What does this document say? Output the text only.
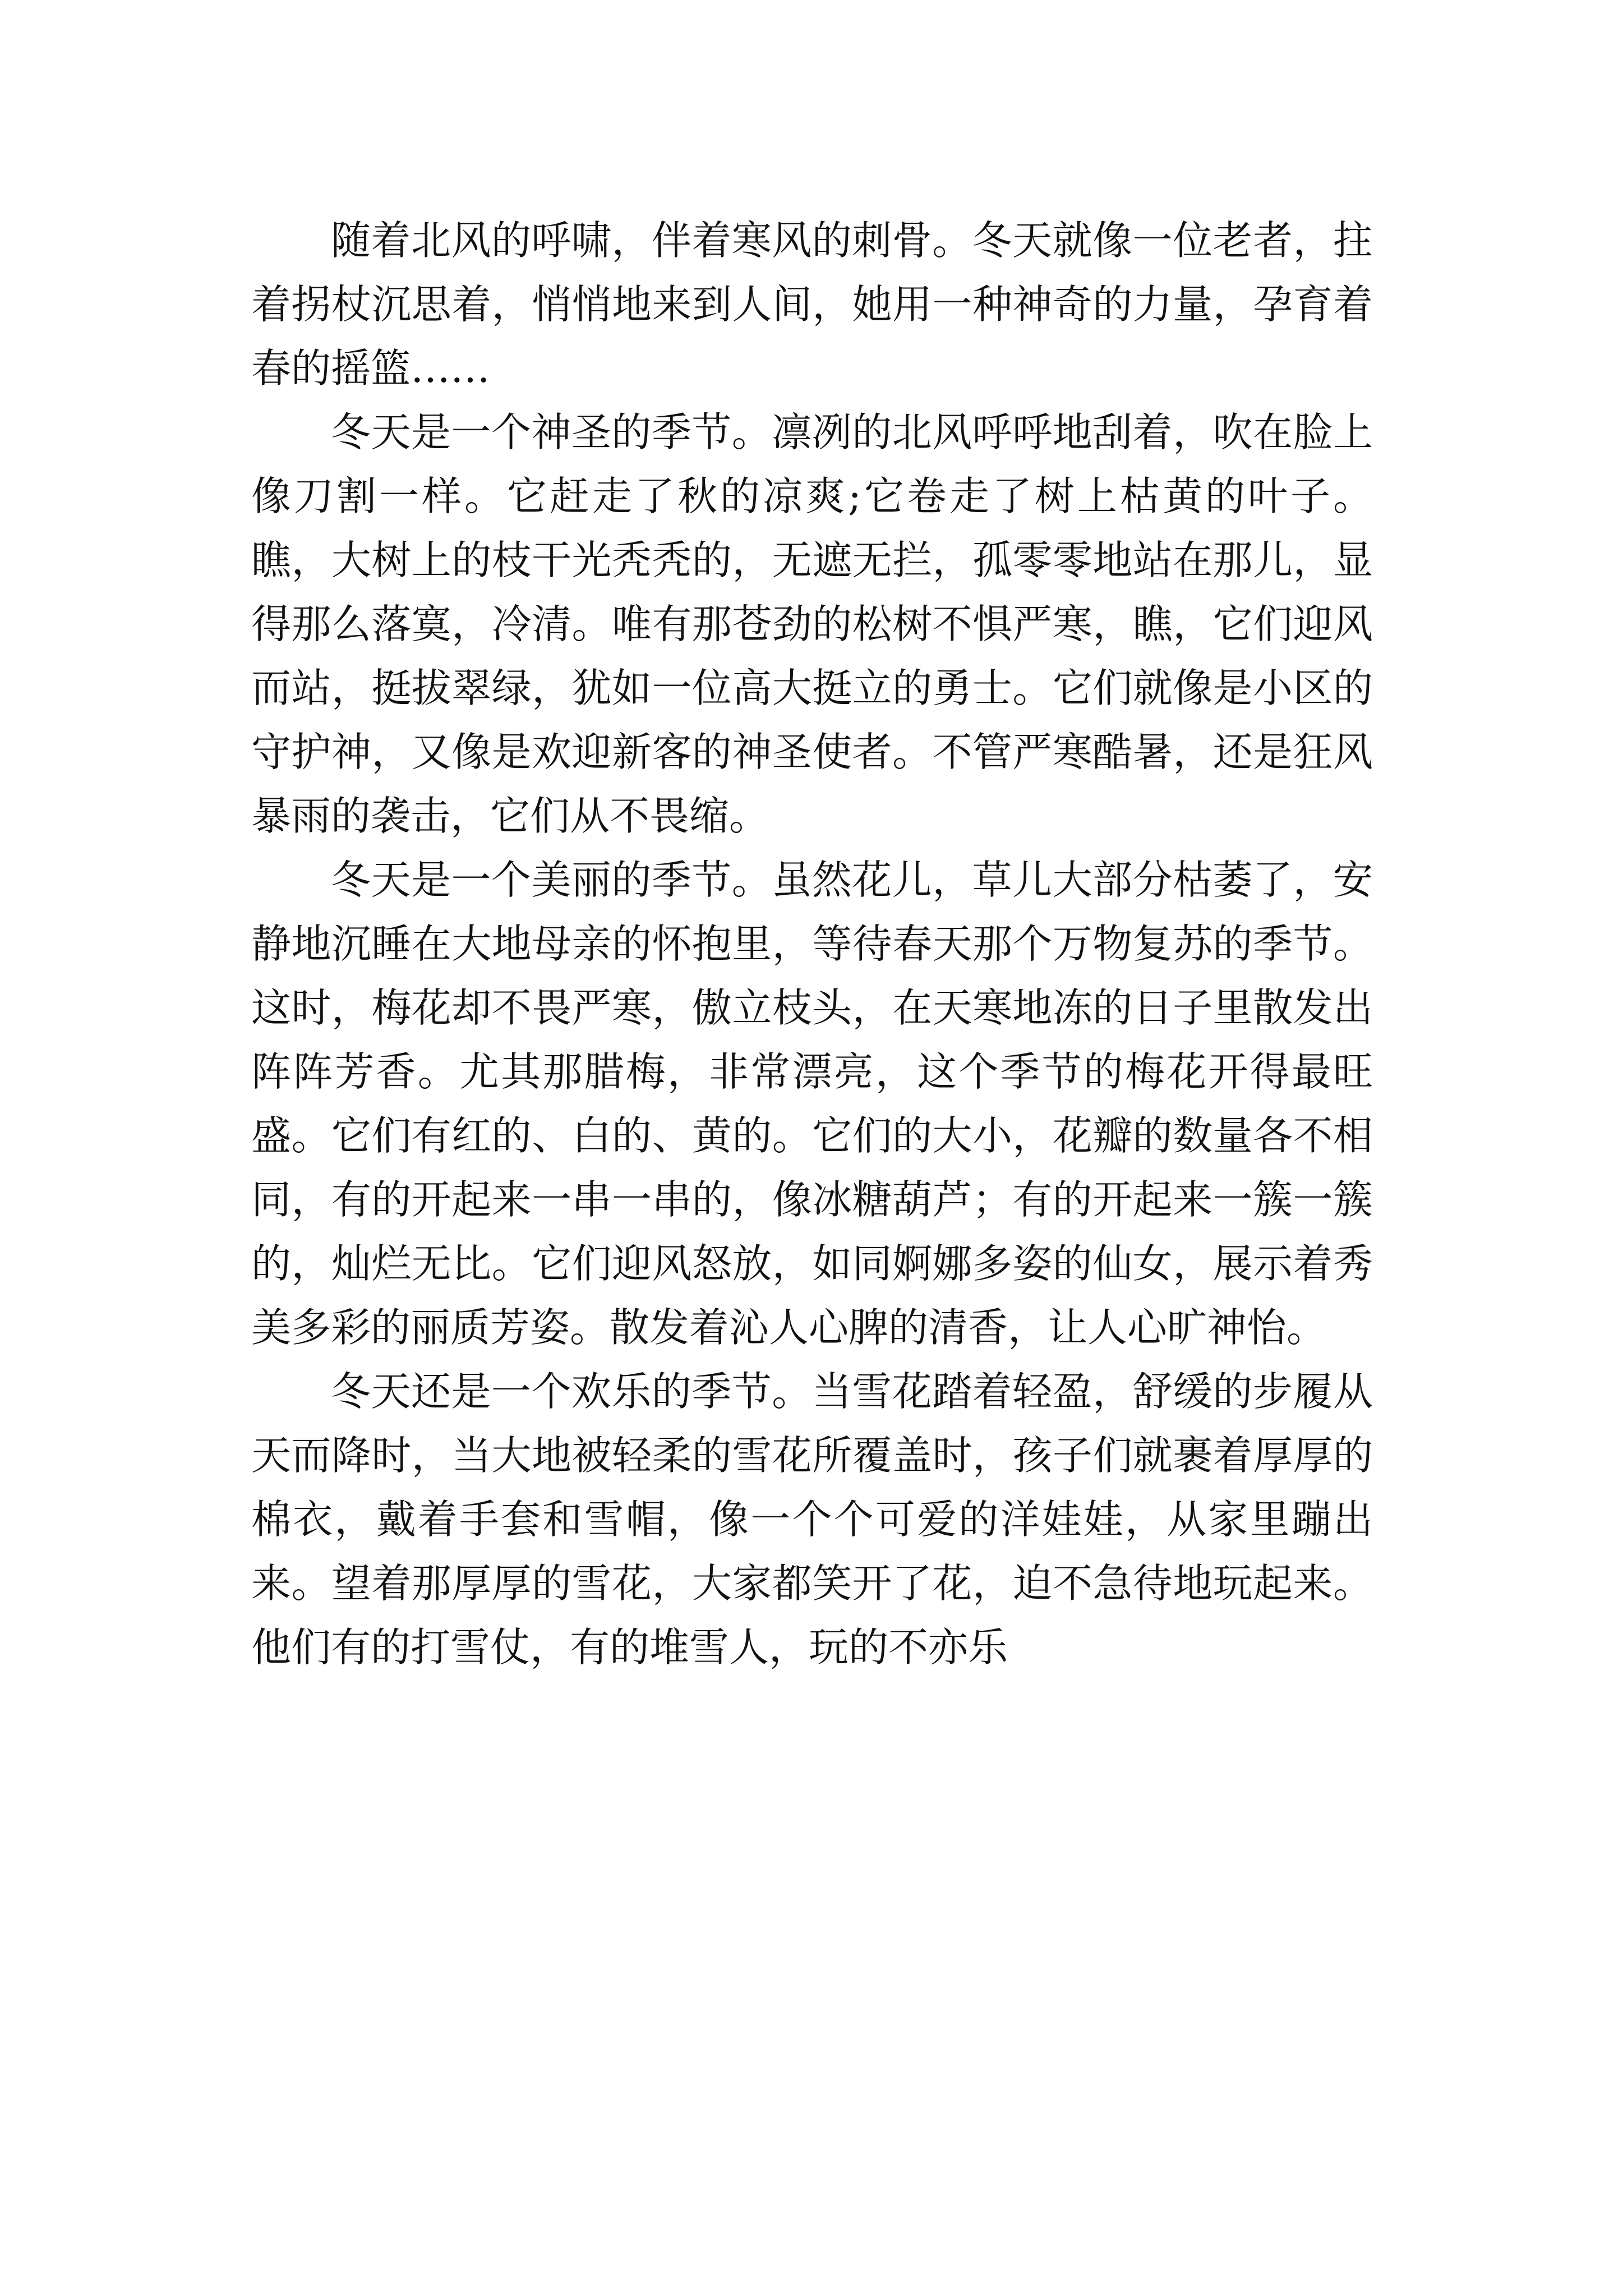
随着北风的呼啸，伴着寒风的刺骨。冬天就像一位老者，拄着拐杖沉思着，悄悄地来到人间，她用一种神奇的力量，孕育着春的摇篮……

冬天是一个神圣的季节。凛冽的北风呼呼地刮着，吹在脸上像刀割一样。它赶走了秋的凉爽;它卷走了树上枯黄的叶子。瞧，大树上的枝干光秃秃的，无遮无拦，孤零零地站在那儿，显得那么落寞，冷清。唯有那苍劲的松树不惧严寒，瞧，它们迎风而站，挺拔翠绿，犹如一位高大挺立的勇士。它们就像是小区的守护神，又像是欢迎新客的神圣使者。不管严寒酷暑，还是狂风暴雨的袭击，它们从不畏缩。

冬天是一个美丽的季节。虽然花儿，草儿大部分枯萎了，安静地沉睡在大地母亲的怀抱里，等待春天那个万物复苏的季节。这时，梅花却不畏严寒，傲立枝头，在天寒地冻的日子里散发出阵阵芳香。尤其那腊梅，非常漂亮，这个季节的梅花开得最旺盛。它们有红的、白的、黄的。它们的大小，花瓣的数量各不相同，有的开起来一串一串的，像冰糖葫芦；有的开起来一簇一簇的，灿烂无比。它们迎风怒放，如同婀娜多姿的仙女，展示着秀美多彩的丽质芳姿。散发着沁人心脾的清香，让人心旷神怡。

冬天还是一个欢乐的季节。当雪花踏着轻盈，舒缓的步履从天而降时，当大地被轻柔的雪花所覆盖时，孩子们就裹着厚厚的棉衣，戴着手套和雪帽，像一个个可爱的洋娃娃，从家里蹦出来。望着那厚厚的雪花，大家都笑开了花，迫不急待地玩起来。他们有的打雪仗，有的堆雪人，玩的不亦乐
